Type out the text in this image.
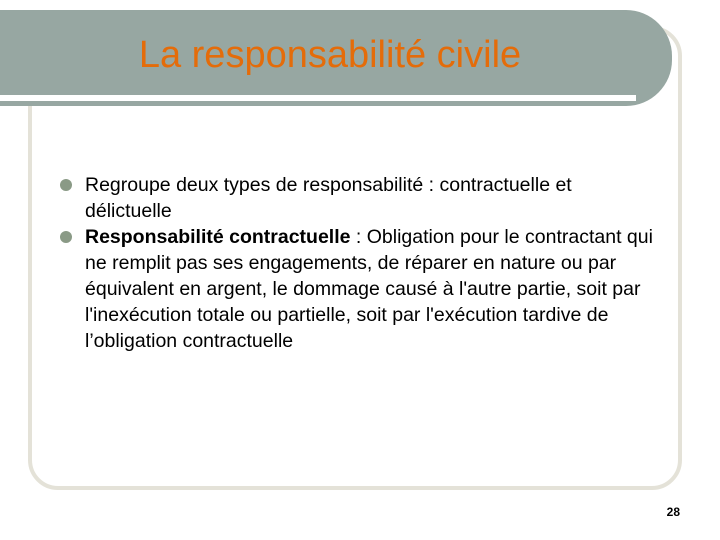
La responsabilité civile
Regroupe deux types de responsabilité : contractuelle et délictuelle
Responsabilité contractuelle : Obligation pour le contractant qui ne remplit pas ses engagements, de réparer en nature ou par équivalent en argent, le dommage causé à l'autre partie, soit par l'inexécution totale ou partielle, soit par l'exécution tardive de l’obligation contractuelle
28
